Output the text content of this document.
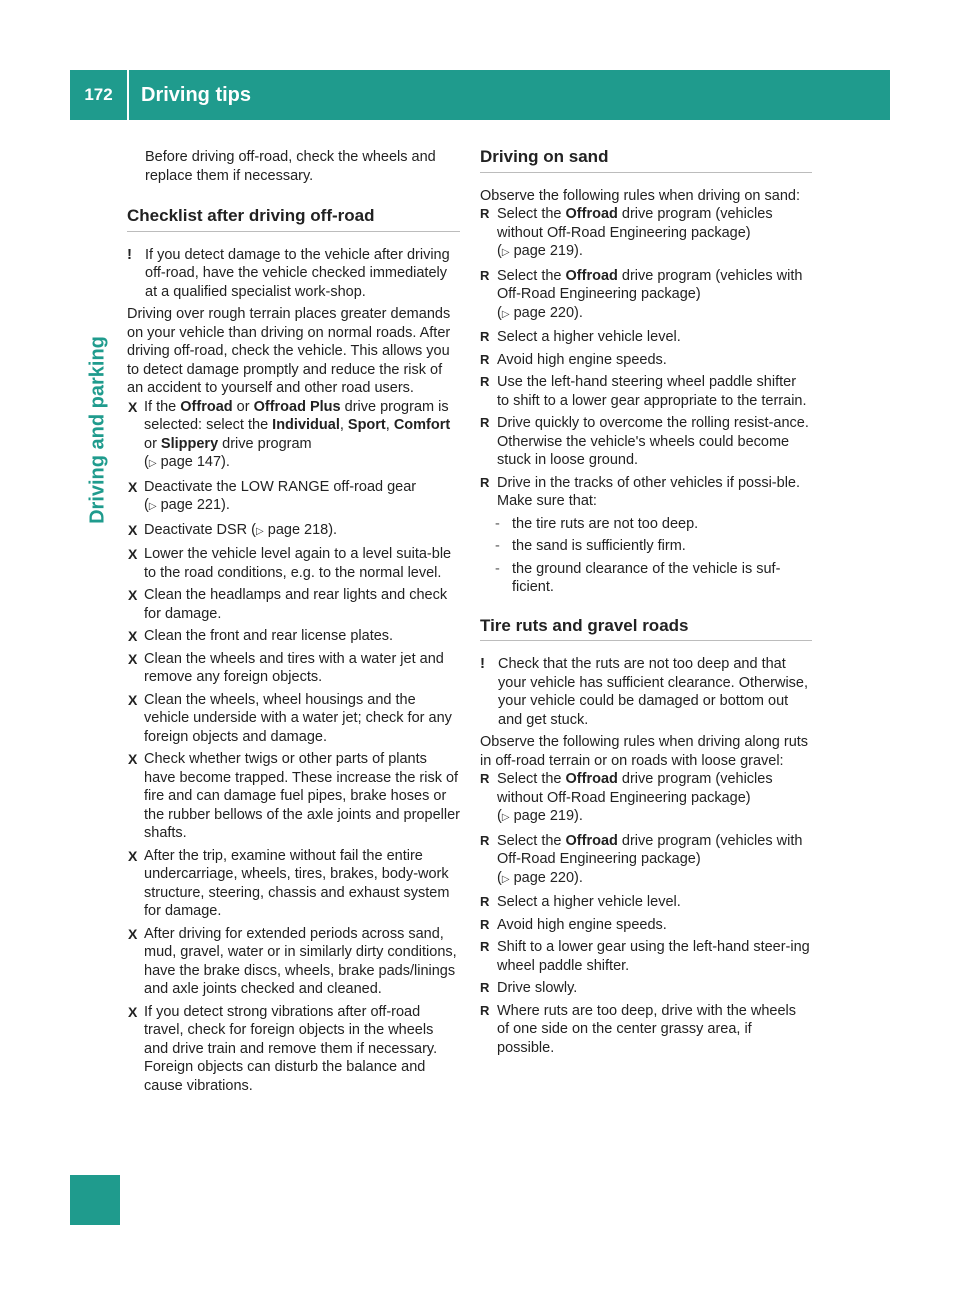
172	Driving tips
Driving and parking

Before driving off-road, check the wheels and replace them if necessary.

Checklist after driving off-road
! If you detect damage to the vehicle after driving off-road, have the vehicle checked immediately at a qualified specialist work-shop.

Driving over rough terrain places greater demands on your vehicle than driving on normal roads. After driving off-road, check the vehicle. This allows you to detect damage promptly and reduce the risk of an accident to yourself and other road users.

X If the Offroad or Offroad Plus drive program is selected: select the Individual, Sport, Comfort or Slippery drive program
(▷ page 147).
X Deactivate the LOW RANGE off-road gear
(▷ page 221).
X Deactivate DSR (▷ page 218).
X Lower the vehicle level again to a level suita-ble to the road conditions, e.g. to the normal level.
X Clean the headlamps and rear lights and check for damage.
X Clean the front and rear license plates.
X Clean the wheels and tires with a water jet and remove any foreign objects.
X Clean the wheels, wheel housings and the vehicle underside with a water jet; check for any foreign objects and damage.
X Check whether twigs or other parts of plants have become trapped. These increase the risk of fire and can damage fuel pipes, brake hoses or the rubber bellows of the axle joints and propeller shafts.
X After the trip, examine without fail the entire undercarriage, wheels, tires, brakes, body-work structure, steering, chassis and exhaust system for damage.
X After driving for extended periods across sand, mud, gravel, water or in similarly dirty conditions, have the brake discs, wheels, brake pads/linings and axle joints checked and cleaned.
X If you detect strong vibrations after off-road travel, check for foreign objects in the wheels and drive train and remove them if necessary. Foreign objects can disturb the balance and cause vibrations.
Driving on sand

Observe the following rules when driving on sand:

R Select the Offroad drive program (vehicles without Off-Road Engineering package)
(▷ page 219).
R Select the Offroad drive program (vehicles with Off-Road Engineering package)
(▷ page 220).
R Select a higher vehicle level.
R Avoid high engine speeds.
R Use the left-hand steering wheel paddle shifter to shift to a lower gear appropriate to the terrain.
R Drive quickly to overcome the rolling resist-ance. Otherwise the vehicle's wheels could become stuck in loose ground.
R Drive in the tracks of other vehicles if possi-ble. Make sure that:
- the tire ruts are not too deep.
- the sand is sufficiently firm.
- the ground clearance of the vehicle is suf-ficient.
Tire ruts and gravel roads
! Check that the ruts are not too deep and that your vehicle has sufficient clearance. Otherwise, your vehicle could be damaged or bottom out and get stuck.

Observe the following rules when driving along ruts in off-road terrain or on roads with loose gravel:

R Select the Offroad drive program (vehicles without Off-Road Engineering package)
(▷ page 219).
R Select the Offroad drive program (vehicles with Off-Road Engineering package)
(▷ page 220).
R Select a higher vehicle level.
R Avoid high engine speeds.
R Shift to a lower gear using the left-hand steer-ing wheel paddle shifter.
R Drive slowly.
R Where ruts are too deep, drive with the wheels of one side on the center grassy area, if possible.
